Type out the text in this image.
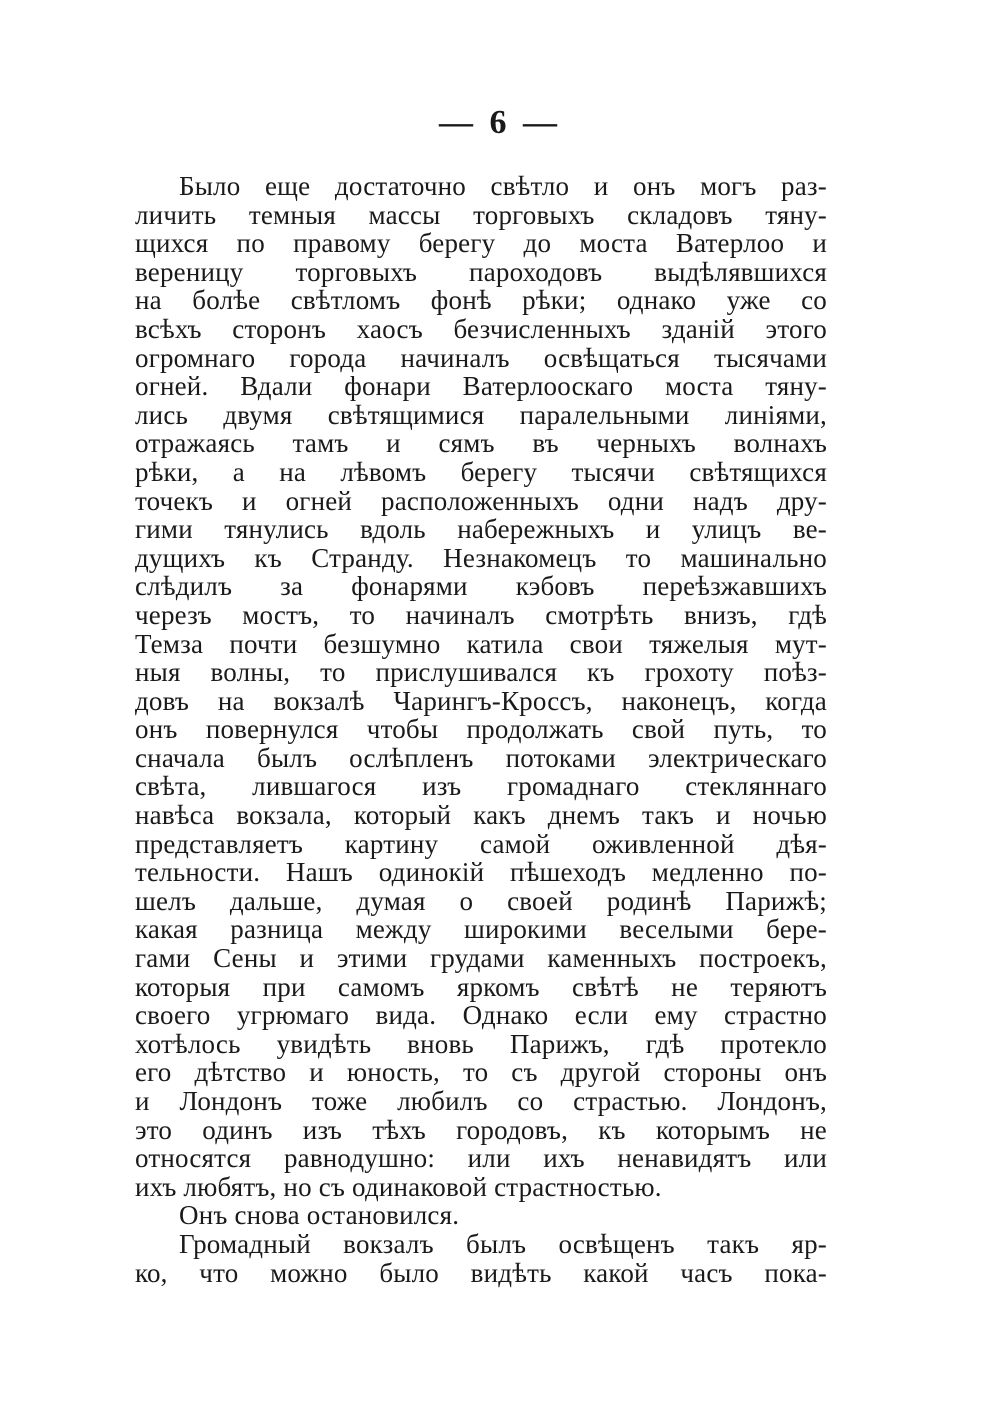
— 6 —
Было еще достаточно свѣтло и онъ могъ раз-
личить темныя массы торговыхъ складовъ тяну-
щихся по правому берегу до моста Ватерлоо и
вереницу торговыхъ пароходовъ выдѣлявшихся
на болѣе свѣтломъ фонѣ рѣки; однако уже со
всѣхъ сторонъ хаосъ безчисленныхъ зданій этого
огромнаго города начиналъ освѣщаться тысячами
огней. Вдали фонари Ватерлооскаго моста тяну-
лись двумя свѣтящимися паралельными линіями,
отражаясь тамъ и сямъ въ черныхъ волнахъ
рѣки, а на лѣвомъ берегу тысячи свѣтящихся
точекъ и огней расположенныхъ одни надъ дру-
гими тянулись вдоль набережныхъ и улицъ ве-
дущихъ къ Странду. Незнакомецъ то машинально
слѣдилъ за фонарями кэбовъ переѣзжавшихъ
черезъ мостъ, то начиналъ смотрѣть внизъ, гдѣ
Темза почти безшумно катила свои тяжелыя мут-
ныя волны, то прислушивался къ грохоту поѣз-
довъ на вокзалѣ Чарингъ-Кроссъ, наконецъ, когда
онъ повернулся чтобы продолжать свой путь, то
сначала былъ ослѣпленъ потоками электрическаго
свѣта, лившагося изъ громаднаго стекляннаго
навѣса вокзала, который какъ днемъ такъ и ночью
представляетъ картину самой оживленной дѣя-
тельности. Нашъ одинокій пѣшеходъ медленно по-
шелъ дальше, думая о своей родинѣ Парижѣ;
какая разница между широкими веселыми бере-
гами Сены и этими грудами каменныхъ построекъ,
которыя при самомъ яркомъ свѣтѣ не теряютъ
своего угрюмаго вида. Однако если ему страстно
хотѣлось увидѣть вновь Парижъ, гдѣ протекло
его дѣтство и юность, то съ другой стороны онъ
и Лондонъ тоже любилъ со страстью. Лондонъ,
это одинъ изъ тѣхъ городовъ, къ которымъ не
относятся равнодушно: или ихъ ненавидятъ или
ихъ любятъ, но съ одинаковой страстностью.
Онъ снова остановился.
Громадный вокзалъ былъ освѣщенъ такъ яр-
ко, что можно было видѣть какой часъ пока-
